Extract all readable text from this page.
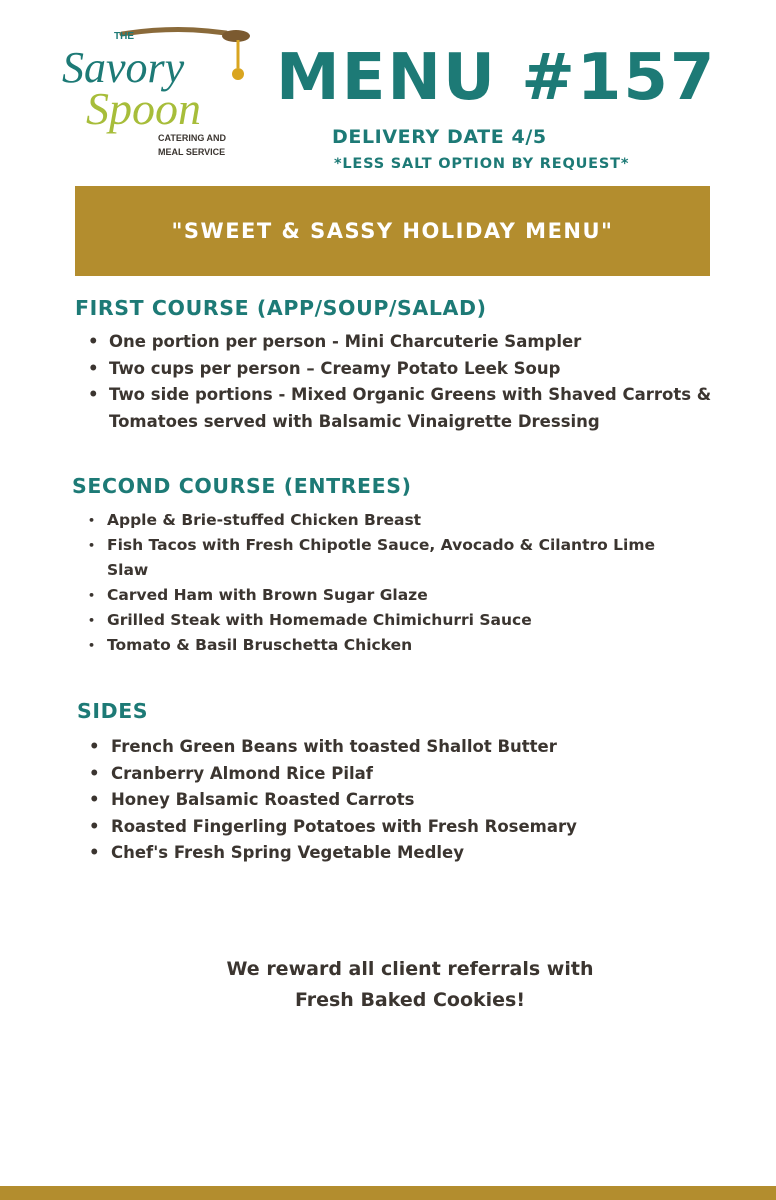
THE
Savory
Spoon
CATERING AND
MEAL SERVICE
MENU #157
DELIVERY DATE 4/5
*LESS SALT OPTION BY REQUEST*
"SWEET & SASSY HOLIDAY MENU"
FIRST COURSE (APP/SOUP/SALAD)
• One portion per person - Mini Charcuterie Sampler
• Two cups per person – Creamy Potato Leek Soup
• Two side portions - Mixed Organic Greens with Shaved Carrots & Tomatoes served with Balsamic Vinaigrette Dressing
SECOND COURSE (ENTREES)
• Apple & Brie-stuffed Chicken Breast
• Fish Tacos with Fresh Chipotle Sauce, Avocado & Cilantro Lime Slaw
• Carved Ham with Brown Sugar Glaze
• Grilled Steak with Homemade Chimichurri Sauce
• Tomato & Basil Bruschetta Chicken
SIDES
• French Green Beans with toasted Shallot Butter
• Cranberry Almond Rice Pilaf
• Honey Balsamic Roasted Carrots
• Roasted Fingerling Potatoes with Fresh Rosemary
• Chef's Fresh Spring Vegetable Medley
We reward all client referrals with
Fresh Baked Cookies!
